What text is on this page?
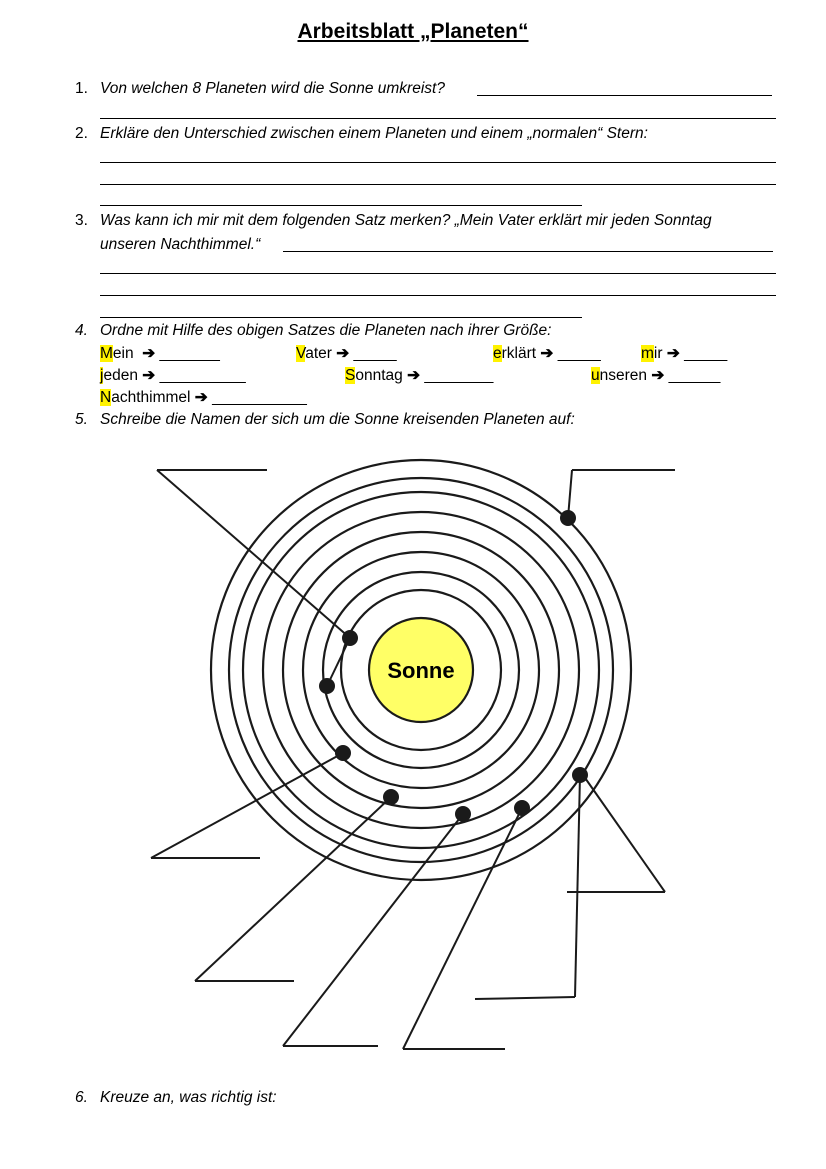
Arbeitsblatt „Planeten“
1. Von welchen 8 Planeten wird die Sonne umkreist?
2. Erkläre den Unterschied zwischen einem Planeten und einem „normalen“ Stern:
3. Was kann ich mir mit dem folgenden Satz merken? „Mein Vater erklärt mir jeden Sonntag
unseren Nachthimmel.“
4. Ordne mit Hilfe des obigen Satzes die Planeten nach ihrer Größe:
Mein ➔ _______	Vater ➔ _____	erklärt ➔ _____	mir ➔ _____
jeden ➔ __________	Sonntag ➔ ________	unseren ➔ ______
Nachthimmel ➔ ___________
5. Schreibe die Namen der sich um die Sonne kreisenden Planeten auf:
Sonne
6. Kreuze an, was richtig ist:
